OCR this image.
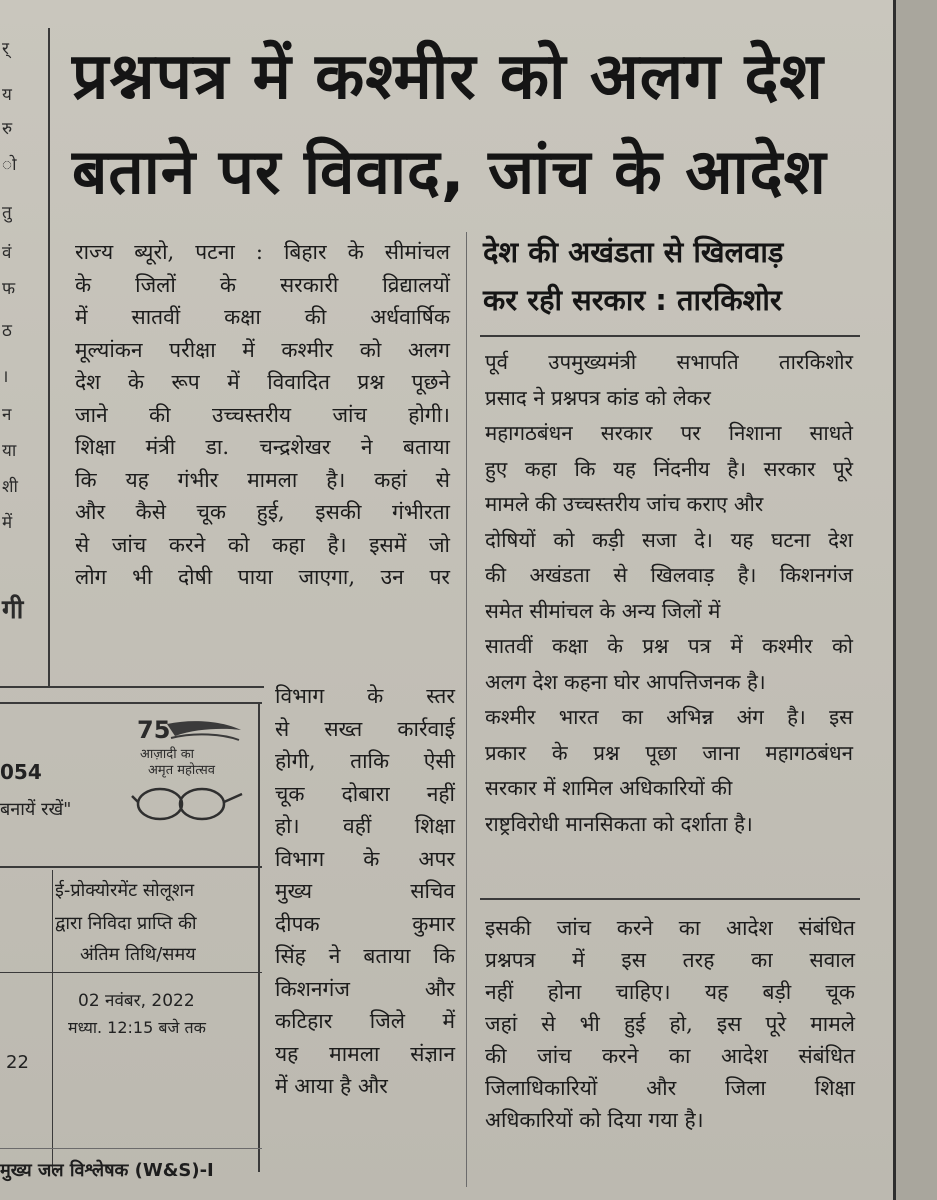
र्
य
रु
ो
तु
वं
फ
ठ
।
न
या
शी
में
गी
प्रश्नपत्र में कश्मीर को अलग देश
बताने पर विवाद, जांच के आदेश
राज्य ब्यूरो, पटना : बिहार के सीमांचल
के जिलों के सरकारी व्रिद्यालयों
में सातवीं कक्षा की अर्धवार्षिक
मूल्यांकन परीक्षा में कश्मीर को अलग
देश के रूप में विवादित प्रश्न पूछने
जाने की उच्चस्तरीय जांच होगी।
शिक्षा मंत्री डा. चन्द्रशेखर ने बताया
कि यह गंभीर मामला है। कहां से
और कैसे चूक हुई, इसकी गंभीरता
से जांच करने को कहा है। इसमें जो
लोग भी दोषी पाया जाएगा, उन पर
विभाग के स्तर
से सख्त कार्रवाई
होगी, ताकि ऐसी
चूक दोबारा नहीं
हो। वहीं शिक्षा
विभाग के अपर
मुख्य सचिव
दीपक कुमार
सिंह ने बताया कि
किशनगंज और
कटिहार जिले में
यह मामला संज्ञान
में आया है और
देश की अखंडता से खिलवाड़
कर रही सरकार : तारकिशोर
पूर्व उपमुख्यमंत्री सभापति तारकिशोर
प्रसाद ने प्रश्नपत्र कांड को लेकर
महागठबंधन सरकार पर निशाना साधते
हुए कहा कि यह निंदनीय है। सरकार पूरे
मामले की उच्चस्तरीय जांच कराए और
दोषियों को कड़ी सजा दे। यह घटना देश
की अखंडता से खिलवाड़ है। किशनगंज
समेत सीमांचल के अन्य जिलों में
सातवीं कक्षा के प्रश्न पत्र में कश्मीर को
अलग देश कहना घोर आपत्तिजनक है।
कश्मीर भारत का अभिन्न अंग है। इस
प्रकार के प्रश्न पूछा जाना महागठबंधन
सरकार में शामिल अधिकारियों की
राष्ट्रविरोधी मानसिकता को दर्शाता है।
इसकी जांच करने का आदेश संबंधित
प्रश्नपत्र में इस तरह का सवाल
नहीं होना चाहिए। यह बड़ी चूक
जहां से भी हुई हो, इस पूरे मामले
की जांच करने का आदेश संबंधित
जिलाधिकारियों और जिला शिक्षा
अधिकारियों को दिया गया है।
054
बनायें रखें"
75
आज़ादी का
अमृत महोत्सव
ई-प्रोक्योरमेंट सोलूशन
द्वारा निविदा प्राप्ति की
अंतिम तिथि/समय
02 नवंबर, 2022
मध्या. 12:15 बजे तक
22
मुख्य जल विश्लेषक (W&S)-I
